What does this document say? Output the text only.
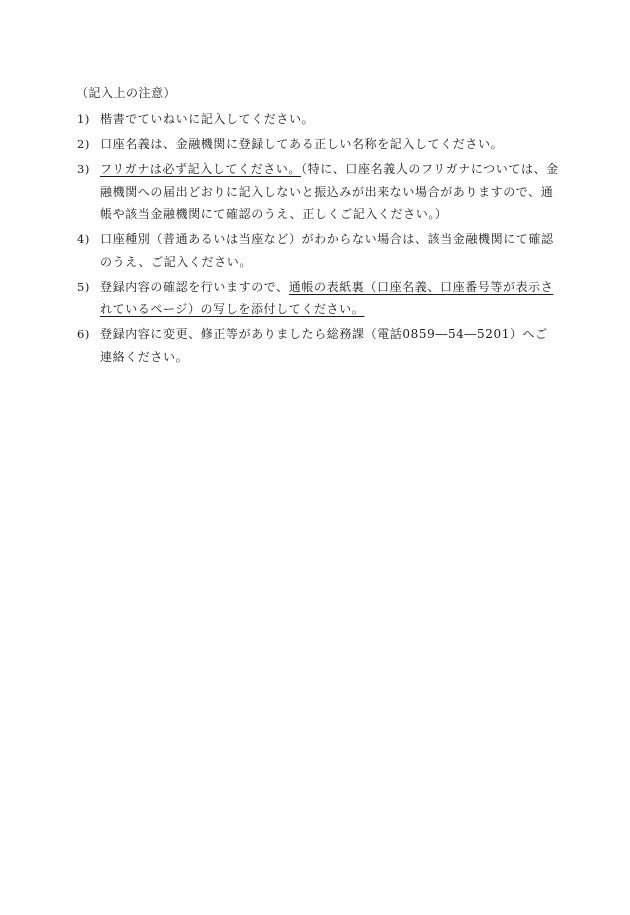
（記入上の注意）
1) 楷書でていねいに記入してください。
2) 口座名義は、金融機関に登録してある正しい名称を記入してください。
3) フリガナは必ず記入してください。（特に、口座名義人のフリガナについては、金融機関への届出どおりに記入しないと振込みが出来ない場合がありますので、通帳や該当金融機関にて確認のうえ、正しくご記入ください。）
4) 口座種別（普通あるいは当座など）がわからない場合は、該当金融機関にて確認のうえ、ご記入ください。
5) 登録内容の確認を行いますので、通帳の表紙裏（口座名義、口座番号等が表示されているページ）の写しを添付してください。
6) 登録内容に変更、修正等がありましたら総務課（電話0859―54―5201）へご連絡ください。
